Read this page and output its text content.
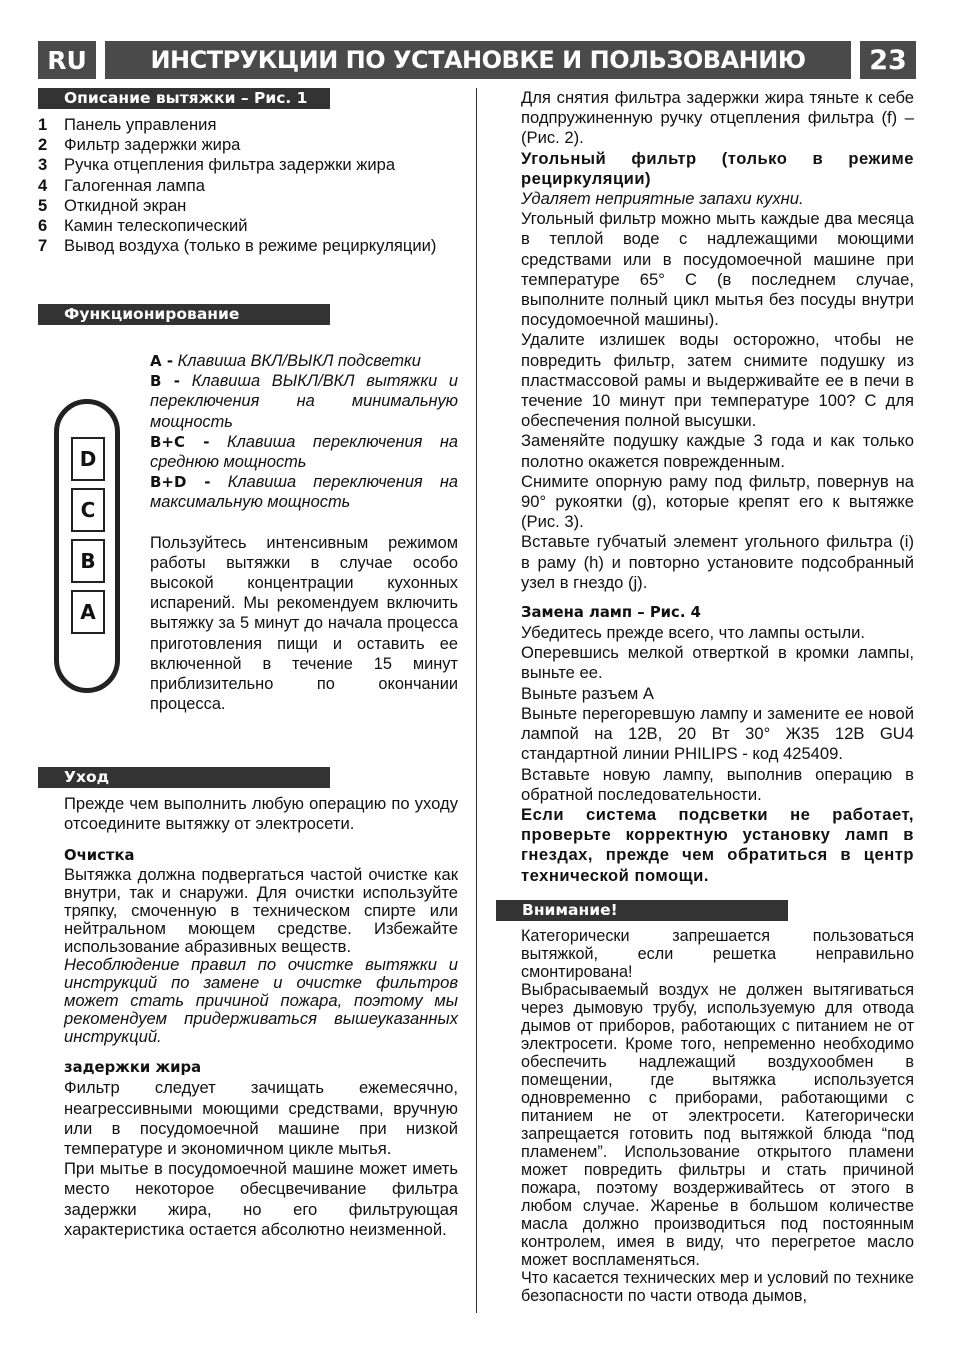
RU	ИНСТРУКЦИИ ПО УСТАНОВКЕ И ПОЛЬЗОВАНИЮ	23
Описание вытяжки – Рис. 1
1	Панель управления
2	Фильтр задержки жира
3	Ручка отцепления фильтра задержки жира
4	Галогенная лампа
5	Откидной экран
6	Камин телескопический
7	Вывод воздуха (только в режиме рециркуляции)
Функционирование
D
C
B
A

A - Клавиша ВКЛ/ВЫКЛ подсветки

B - Клавиша ВЫКЛ/ВКЛ вытяжки и переключения на минимальную мощность

B+C - Клавиша переключения на среднюю мощность

B+D - Клавиша переключения на максимальную мощность

Пользуйтесь интенсивным режимом работы вытяжки в случае особо высокой концентрации кухонных испарений. Мы рекомендуем включить вытяжку за 5 минут до начала процесса приготовления пищи и оставить ее включенной в течение 15 минут приблизительно по окончании процесса.

Уход

Прежде чем выполнить любую операцию по уходу отсоедините вытяжку от электросети.

Очистка

Вытяжка должна подвергаться частой очистке как внутри, так и снаружи. Для очистки используйте тряпку, смоченную в техническом спирте или нейтральном моющем средстве. Избежайте использование абразивных веществ.

Несоблюдение правил по очистке вытяжки и инструкций по замене и очистке фильтров может стать причиной пожара, поэтому мы рекомендуем придерживаться вышеуказанных инструкций.

задержки жира

Фильтр следует зачищать ежемесячно, неагрессивными моющими средствами, вручную или в посудомоечной машине при низкой температуре и экономичном цикле мытья.

При мытье в посудомоечной машине может иметь место некоторое обесцвечивание фильтра задержки жира, но его фильтрующая характеристика остается абсолютно неизменной.

Для снятия фильтра задержки жира тяньте к себе подпружиненную ручку отцепления фильтра (f) – (Рис. 2).

Угольный фильтр (только в режиме рециркуляции)

Удаляет неприятные запахи кухни.

Угольный фильтр можно мыть каждые два месяца в теплой воде с надлежащими моющими средствами или в посудомоечной машине при температуре 65° С (в последнем случае, выполните полный цикл мытья без посуды внутри посудомоечной машины).

Удалите излишек воды осторожно, чтобы не повредить фильтр, затем снимите подушку из пластмассовой рамы и выдерживайте ее в печи в течение 10 минут при температуре 100? С для обеспечения полной высушки.

Заменяйте подушку каждые 3 года и как только полотно окажется поврежденным.

Снимите опорную раму под фильтр, повернув на 90° рукоятки (g), которые крепят его к вытяжке (Рис. 3).

Вставьте губчатый элемент угольного фильтра (i) в раму (h) и повторно установите подсобранный узел в гнездо (j).

Замена ламп – Рис. 4

Убедитесь прежде всего, что лампы остыли.

Оперевшись мелкой отверткой в кромки лампы, выньте ее.

Выньте разъем А

Выньте перегоревшую лампу и замените ее новой лампой на 12В, 20 Вт 30° Ж35 12В GU4 стандартной линии PHILIPS - код 425409.

Вставьте новую лампу, выполнив операцию в обратной последовательности.

Если система подсветки не работает, проверьте корректную установку ламп в гнездах, прежде чем обратиться в центр технической помощи.

Внимание!

Категорически запрешается пользоваться вытяжкой, если решетка неправильно смонтирована!

Выбрасываемый воздух не должен вытягиваться через дымовую трубу, используемую для отвода дымов от приборов, работающих с питанием не от электросети. Кроме того, непременно необходимо обеспечить надлежащий воздухообмен в помещении, где вытяжка используется одновременно с приборами, работающими с питанием не от электросети. Категорически запрещается готовить под вытяжкой блюда “под пламенем”. Использование открытого пламени может повредить фильтры и стать причиной пожара, поэтому воздерживайтесь от этого в любом случае. Жаренье в большом количестве масла должно производиться под постоянным контролем, имея в виду, что перегретое масло может воспламеняться.

Что касается технических мер и условий по технике безопасности по части отвода дымов,
